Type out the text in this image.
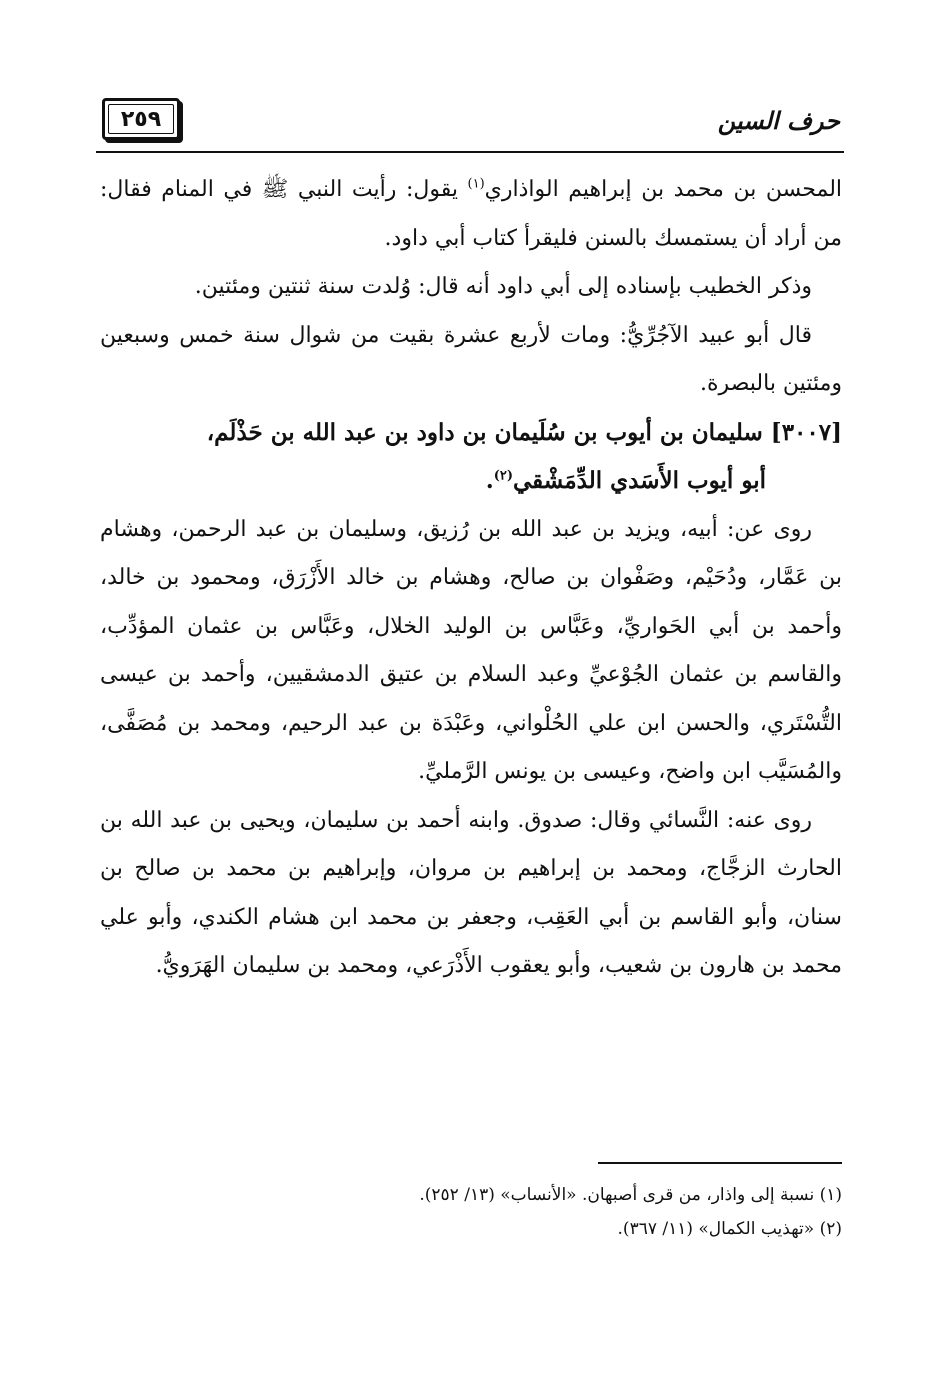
٢٥٩	حرف السين

المحسن بن محمد بن إبراهيم الواذاري$^{(١)}$ يقول: رأيت النبي ﷺ في المنام فقال: من أراد أن يستمسك بالسنن فليقرأ كتاب أبي داود.

وذكر الخطيب بإسناده إلى أبي داود أنه قال: وُلدت سنة ثنتين ومئتين.

قال أبو عبيد الآجُرِّيُّ: ومات لأربع عشرة بقيت من شوال سنة خمس وسبعين ومئتين بالبصرة.

[٣٠٠٧] سليمان بن أيوب بن سُلَيمان بن داود بن عبد الله بن حَذْلَم،
أبو أيوب الأَسَدي الدِّمَشْقي$^{(٢)}$.

روى عن: أبيه، ويزيد بن عبد الله بن رُزيق، وسليمان بن عبد الرحمن، وهشام بن عَمَّار، ودُحَيْم، وصَفْوان بن صالح، وهشام بن خالد الأَزْرَق، ومحمود بن خالد، وأحمد بن أبي الحَواريِّ، وعَبَّاس بن الوليد الخلال، وعَبَّاس بن عثمان المؤدِّب، والقاسم بن عثمان الجُوْعيِّ وعبد السلام بن عتيق الدمشقيين، وأحمد بن عيسى التُّسْتَري، والحسن ابن علي الحُلْواني، وعَبْدَة بن عبد الرحيم، ومحمد بن مُصَفَّى، والمُسَيَّب ابن واضح، وعيسى بن يونس الرَّمليِّ.

روى عنه: النَّسائي وقال: صدوق. وابنه أحمد بن سليمان، ويحيى بن عبد الله بن الحارث الزجَّاج، ومحمد بن إبراهيم بن مروان، وإبراهيم بن محمد بن صالح بن سنان، وأبو القاسم بن أبي العَقِب، وجعفر بن محمد ابن هشام الكندي، وأبو علي محمد بن هارون بن شعيب، وأبو يعقوب الأَذْرَعي، ومحمد بن سليمان الهَرَويُّ.

(١) نسبة إلى واذار، من قرى أصبهان. «الأنساب» (١٣/ ٢٥٢).

(٢) «تهذيب الكمال» (١١/ ٣٦٧).
